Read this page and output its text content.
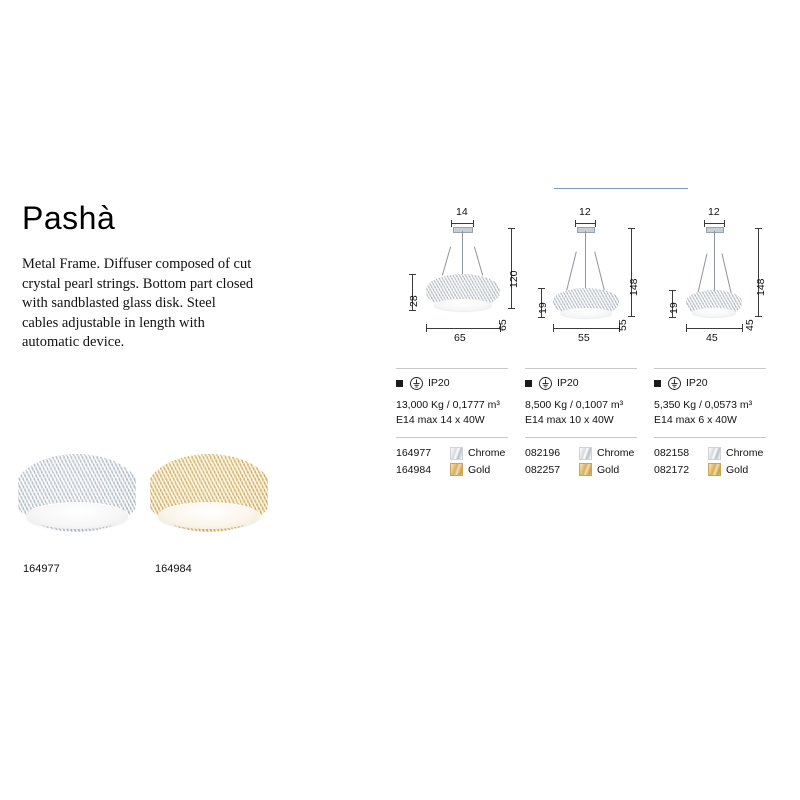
Pashà

Metal Frame. Diffuser composed of cut crystal pearl strings. Bottom part closed with sandblasted glass disk. Steel cables adjustable in length with automatic device.

164977	164984
14
120
28
65
65
IP20
13,000 Kg / 0,1777 m³
E14 max 14 x 40W
164977	Chrome
164984	Gold
12
148
19
55
55
IP20
8,500 Kg / 0,1007 m³
E14 max 10 x 40W
082196	Chrome
082257	Gold
12
148
19
45
45
IP20
5,350 Kg / 0,0573 m³
E14 max 6 x 40W
082158	Chrome
082172	Gold
